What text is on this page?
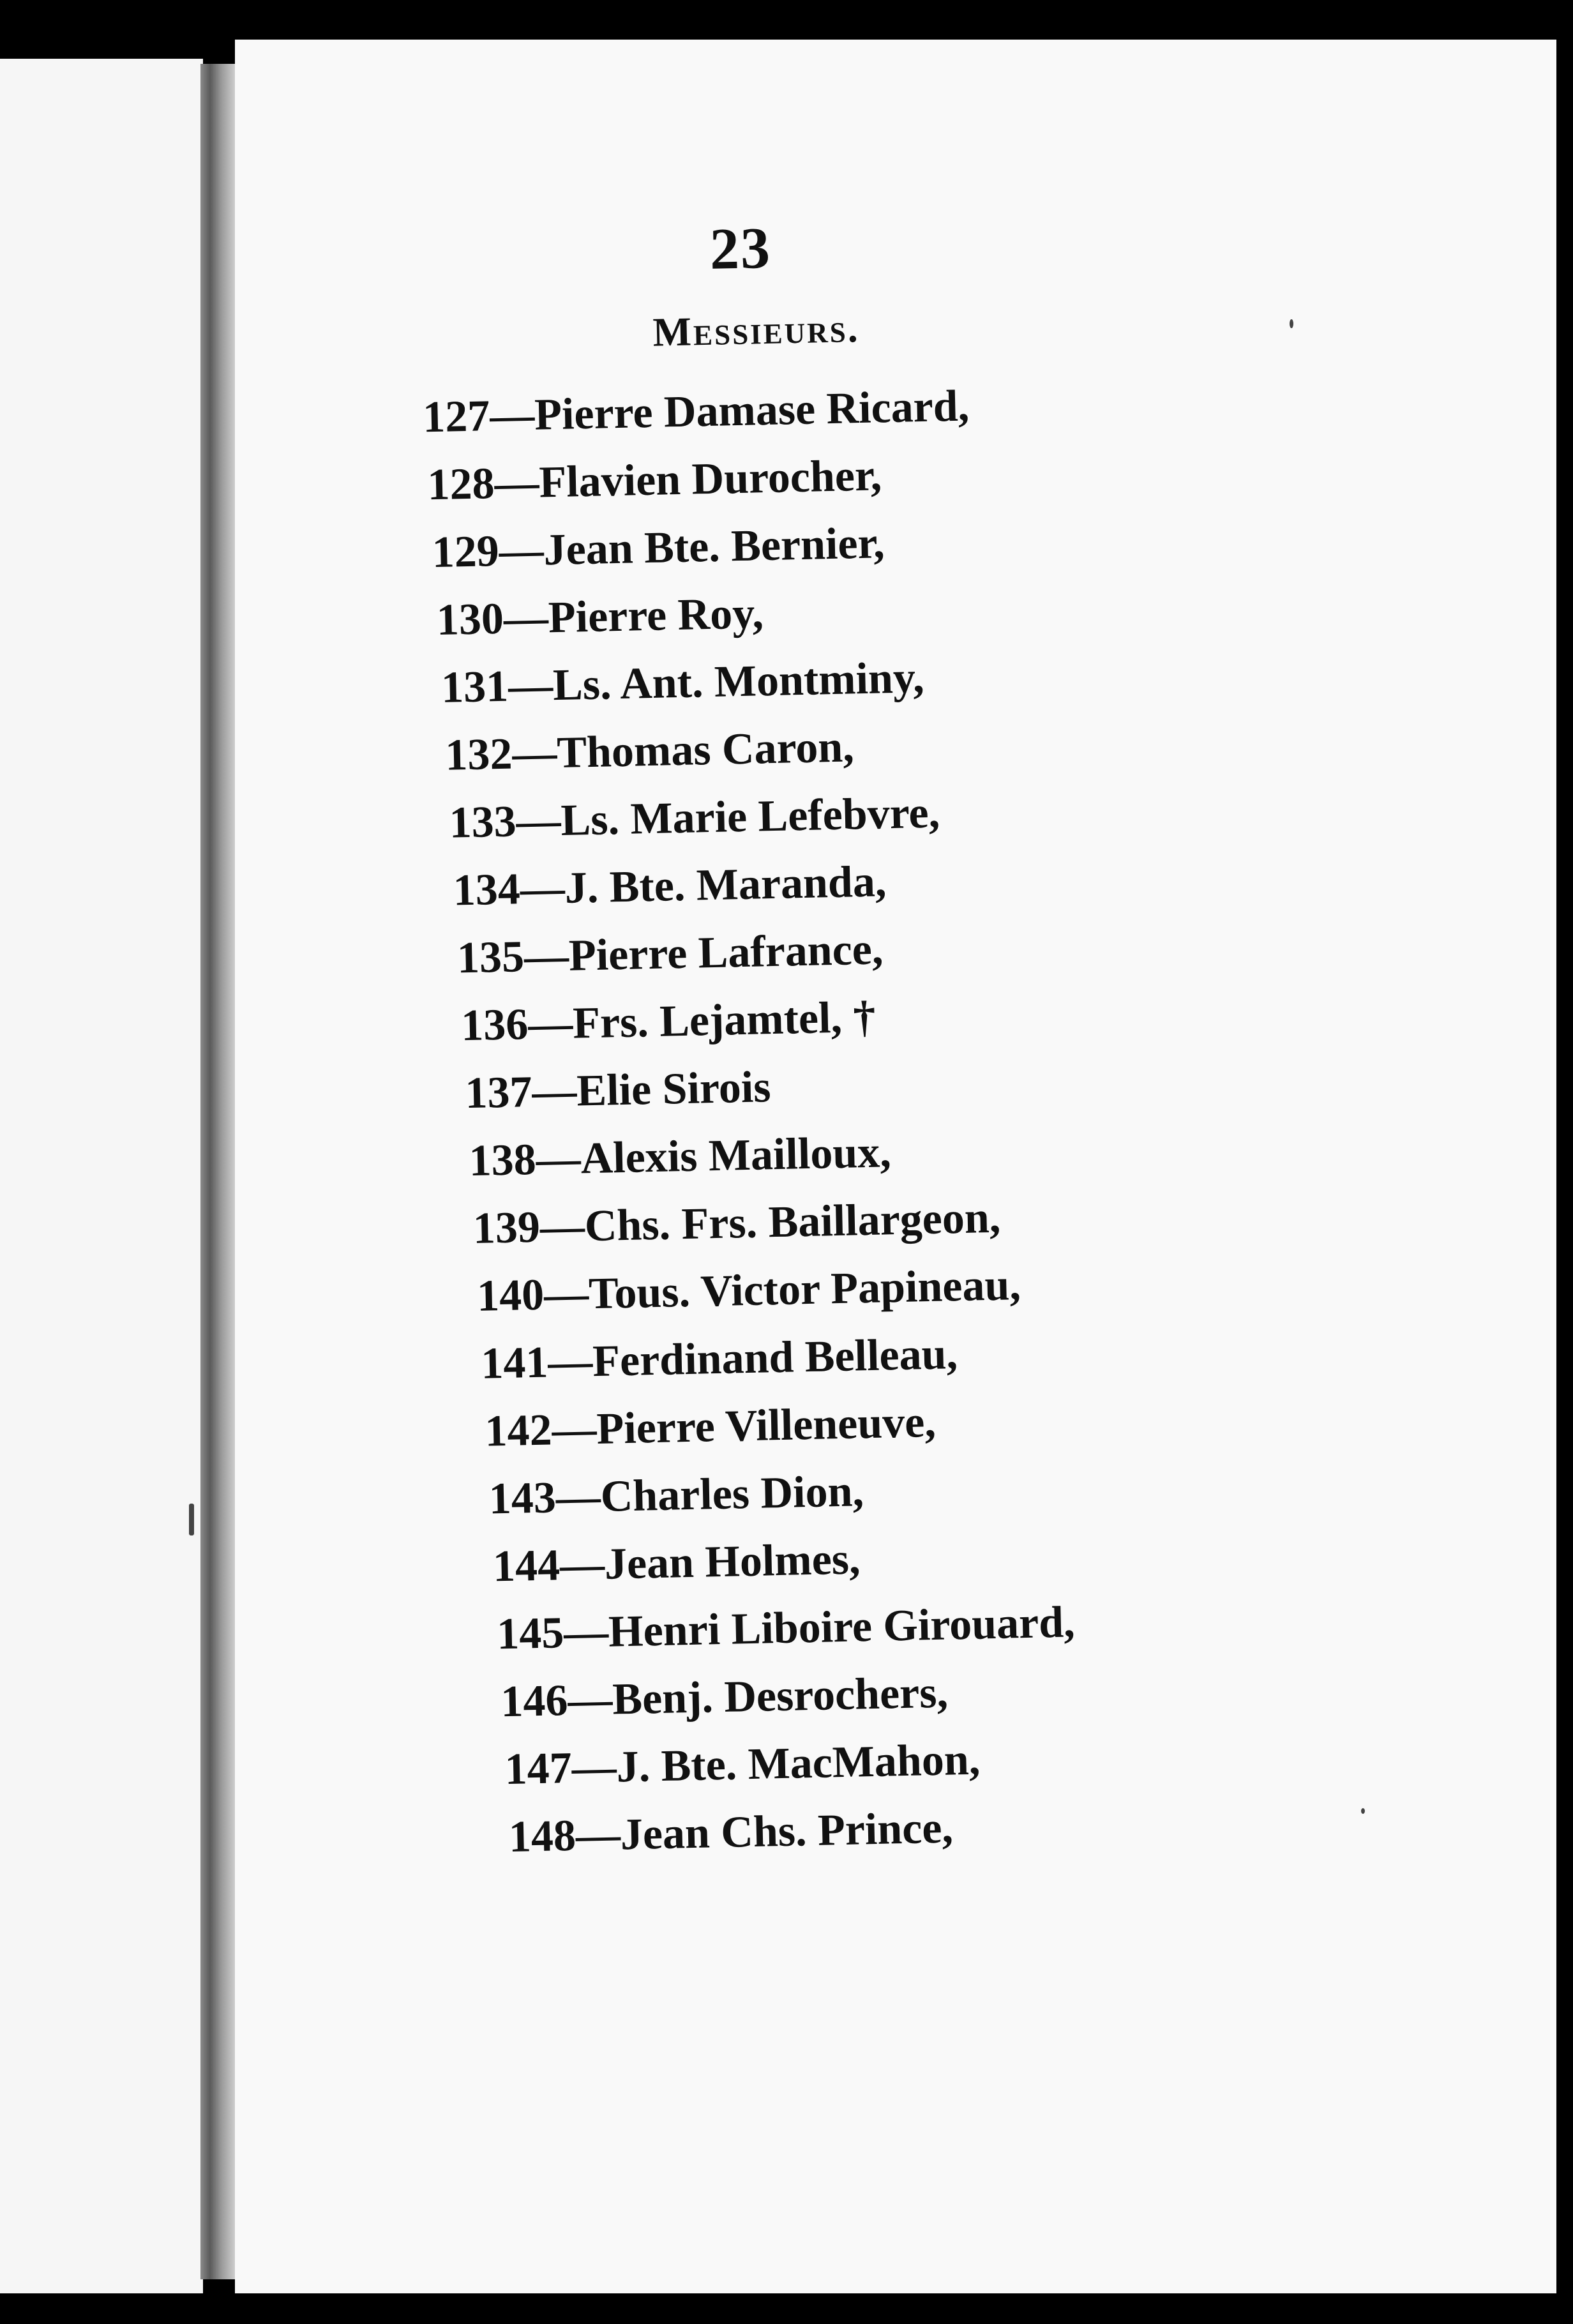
23
Messieurs.
127—Pierre Damase Ricard,
128—Flavien Durocher,
129—Jean Bte. Bernier,
130—Pierre Roy,
131—Ls. Ant. Montminy,
132—Thomas Caron,
133—Ls. Marie Lefebvre,
134—J. Bte. Maranda,
135—Pierre Lafrance,
136—Frs. Lejamtel, †
137—Elie Sirois
138—Alexis Mailloux,
139—Chs. Frs. Baillargeon,
140—Tous. Victor Papineau,
141—Ferdinand Belleau,
142—Pierre Villeneuve,
143—Charles Dion,
144—Jean Holmes,
145—Henri Liboire Girouard,
146—Benj. Desrochers,
147—J. Bte. MacMahon,
148—Jean Chs. Prince,
